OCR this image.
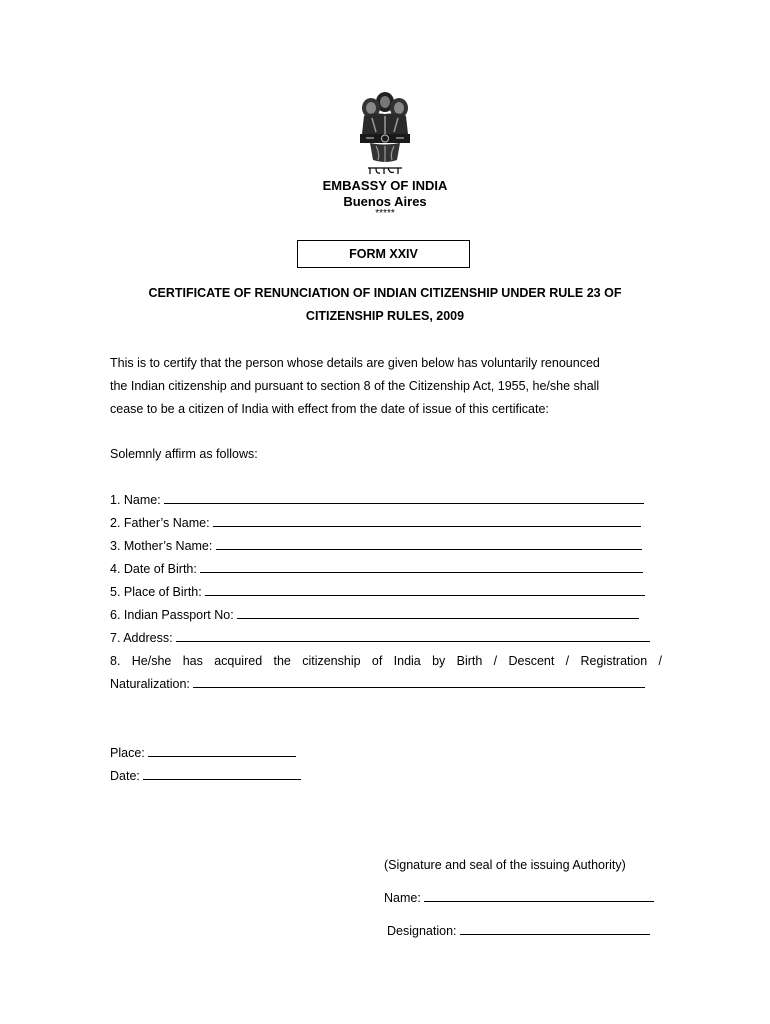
EMBASSY OF INDIA
Buenos Aires
*****
FORM XXIV
CERTIFICATE OF RENUNCIATION OF INDIAN CITIZENSHIP UNDER RULE 23 OF
CITIZENSHIP RULES, 2009
This is to certify that the person whose details are given below has voluntarily renounced
the Indian citizenship and pursuant to section 8 of the Citizenship Act, 1955, he/she shall
cease to be a citizen of India with effect from the date of issue of this certificate:
Solemnly affirm as follows:
1. Name:
2. Father’s Name:
3. Mother’s Name:
4. Date of Birth:
5. Place of Birth:
6. Indian Passport No:
7. Address:
8. He/she has acquired the citizenship of India by Birth / Descent / Registration /
Naturalization:
Place:
Date:
(Signature and seal of the issuing Authority)
Name:
Designation:
